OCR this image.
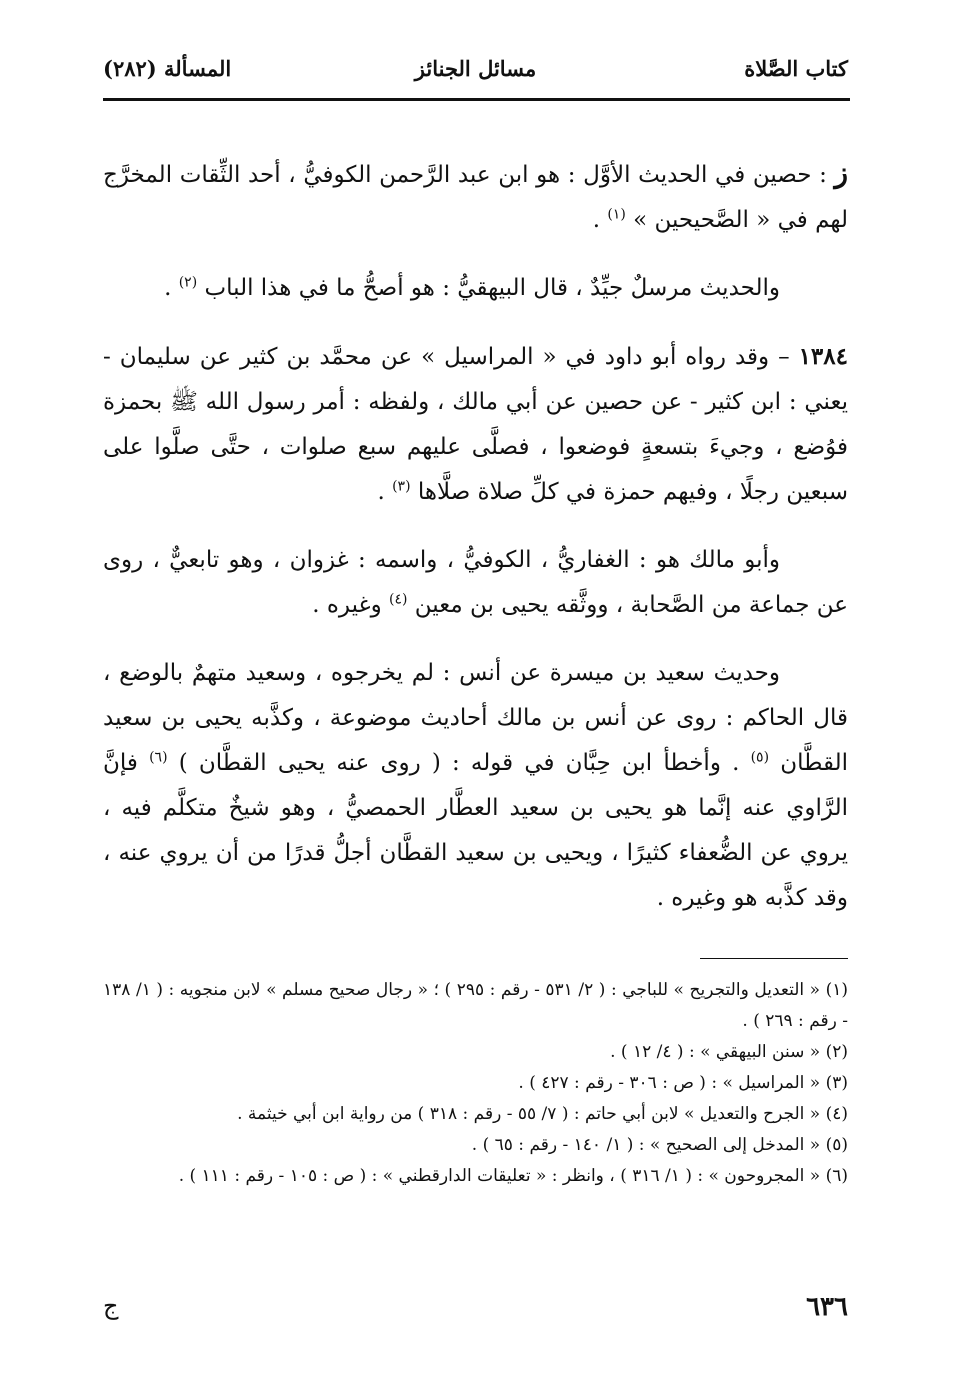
كتاب الصَّلاة
مسائل الجنائز
المسألة (٢٨٢)

ز : حصين في الحديث الأوَّل : هو ابن عبد الرَّحمن الكوفيُّ ، أحد الثِّقات المخرَّج لهم في « الصَّحيحين » $^{(١)}$ .

والحديث مرسلٌ جيِّدٌ ، قال البيهقيُّ : هو أصحُّ ما في هذا الباب $^{(٢)}$ .

١٣٨٤ – وقد رواه أبو داود في « المراسيل » عن محمَّد بن كثير عن سليمان - يعني : ابن كثير - عن حصين عن أبي مالك ، ولفظه : أمر رسول الله ﷺ بحمزة فوُضع ، وجيءَ بتسعةٍ فوضعوا ، فصلَّى عليهم سبع صلوات ، حتَّى صلَّوا على سبعين رجلًا ، وفيهم حمزة في كلِّ صلاة صلَّاها $^{(٣)}$ .

وأبو مالك هو : الغفاريُّ ، الكوفيُّ ، واسمه : غزوان ، وهو تابعيٌّ ، روى عن جماعة من الصَّحابة ، ووثَّقه يحيى بن معين $^{(٤)}$ وغيره .

وحديث سعيد بن ميسرة عن أنس : لم يخرجوه ، وسعيد متهمٌ بالوضع ، قال الحاكم : روى عن أنس بن مالك أحاديث موضوعة ، وكذَّبه يحيى بن سعيد القطَّان $^{(٥)}$ . وأخطأ ابن حِبَّان في قوله : ( روى عنه يحيى القطَّان ) $^{(٦)}$ فإنَّ الرَّاوي عنه إنَّما هو يحيى بن سعيد العطَّار الحمصيُّ ، وهو شيخٌ متكلَّم فيه ، يروي عن الضُّعفاء كثيرًا ، ويحيى بن سعيد القطَّان أجلُّ قدرًا من أن يروي عنه ، وقد كذَّبه هو وغيره .

(١) « التعديل والتجريح » للباجي : ( ٢/ ٥٣١ - رقم : ٢٩٥ ) ؛ « رجال صحيح مسلم » لابن منجويه : ( ١/ ١٣٨ - رقم : ٢٦٩ ) .

(٢) « سنن البيهقي » : ( ٤/ ١٢ ) .

(٣) « المراسيل » : ( ص : ٣٠٦ - رقم : ٤٢٧ ) .

(٤) « الجرح والتعديل » لابن أبي حاتم : ( ٧/ ٥٥ - رقم : ٣١٨ ) من رواية ابن أبي خيثمة .

(٥) « المدخل إلى الصحيح » : ( ١/ ١٤٠ - رقم : ٦٥ ) .

(٦) « المجروحون » : ( ١/ ٣١٦ ) ، وانظر : « تعليقات الدارقطني » : ( ص : ١٠٥ - رقم : ١١١ ) .

٦٣٦
ج
